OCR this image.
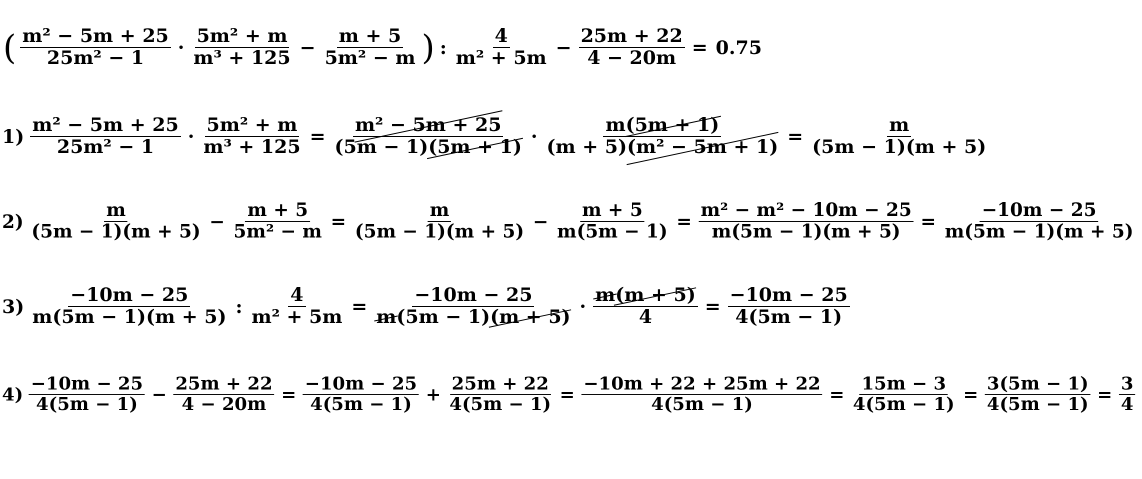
( $\frac{\text{m² − 5m + 25}}{\text{25m² − 1}} \cdot \frac{\text{5m² + m}}{\text{m³ + 125}} - \frac{m + 5}{\text{5m² − m}}$ ) : $\frac{4}{\text{m² + 5m}} - \frac{25m + 22}{4 - 20m} = 0.75$
$1) \frac{\text{m² − 5m + 25}}{\text{25m² − 1}} \cdot \frac{\text{5m² + m}}{\text{m³ + 125}} = \frac{\text{m² − 5m + 25}}{(5m - 1)(5m + 1)} \cdot \frac{m(5m + 1)}{\text{(m + 5)(m² − 5m + 1)}} = \frac{m}{(5m - 1)(m + 5)}$
$2) \frac{m}{(5m - 1)(m + 5)} - \frac{m + 5}{\text{5m² − m}} = \frac{m}{(5m - 1)(m + 5)} - \frac{m + 5}{m(5m - 1)} = \frac{\text{m² − m² − 10m − 25}}{m(5m - 1)(m + 5)} = \frac{-10m - 25}{m(5m - 1)(m + 5)}$
$3) \frac{-10m - 25}{m(5m - 1)(m + 5)}$ : $\frac{4}{\text{m² + 5m}} = \frac{-10m - 25}{m(5m - 1)(m + 5)} \cdot \frac{m(m + 5)}{4} = \frac{-10m - 25}{4(5m - 1)}$
$4) \frac{-10m - 25}{4(5m - 1)} - \frac{25m + 22}{4 - 20m} = \frac{-10m - 25}{4(5m - 1)} + \frac{25m + 22}{4(5m - 1)} = \frac{-10m + 22 + 25m + 22}{4(5m - 1)} = \frac{15m - 3}{4(5m - 1)} = \frac{3(5m - 1)}{4(5m - 1)} = \frac{3}{4}$
